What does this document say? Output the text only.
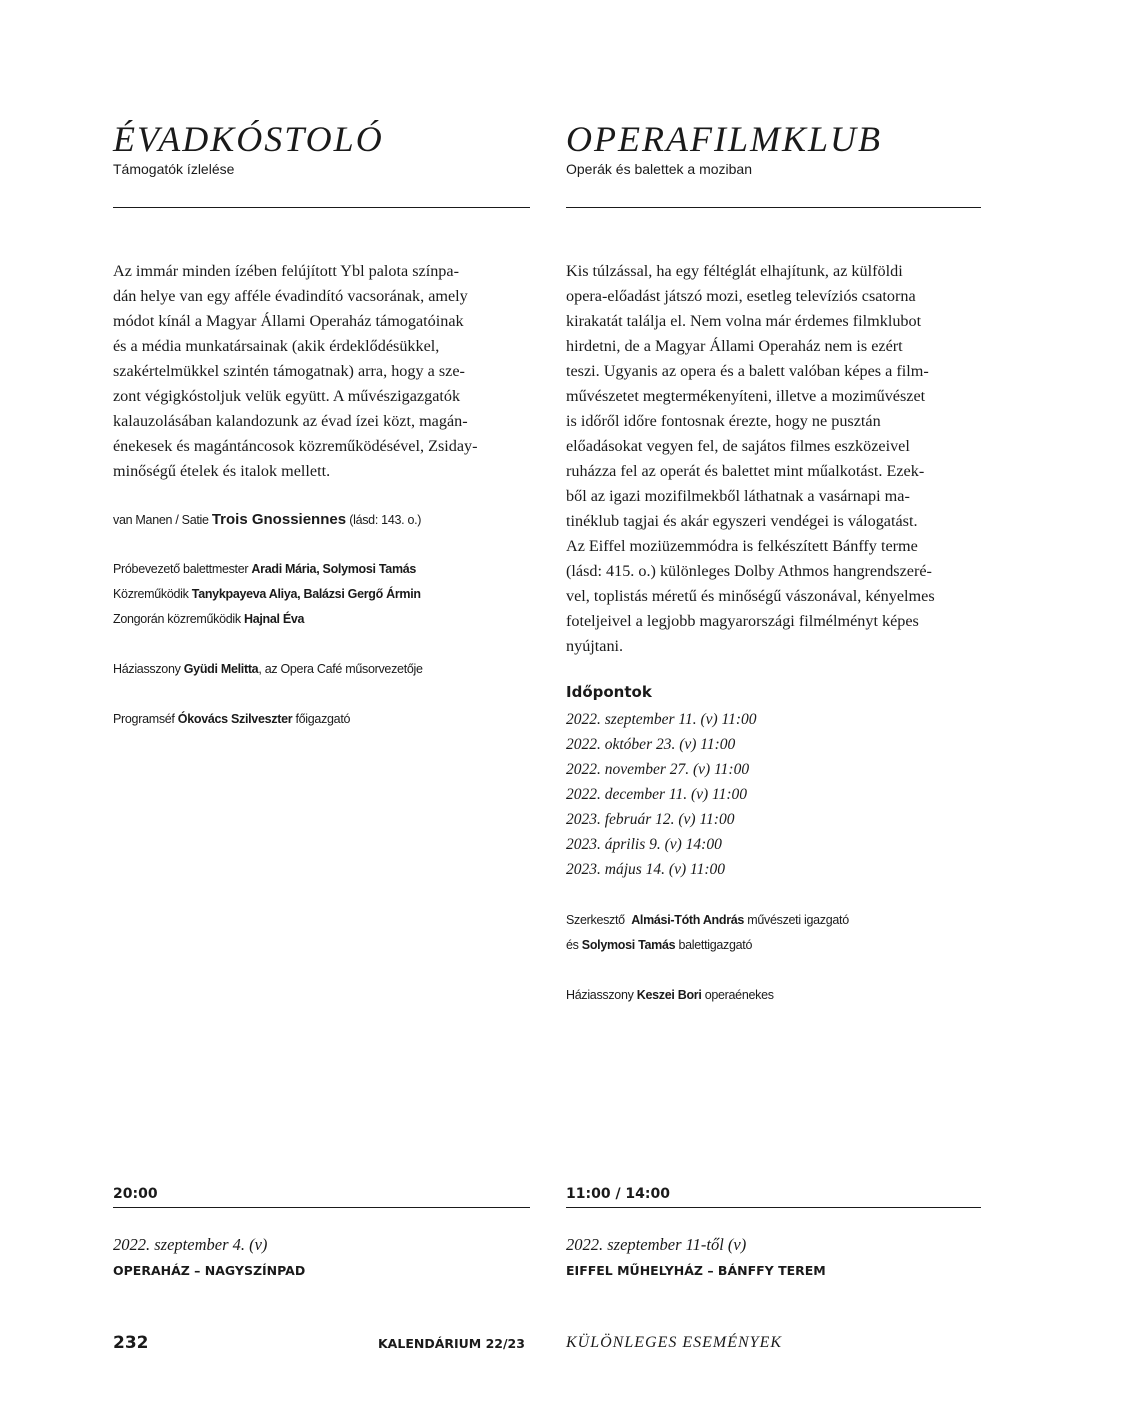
ÉVADKÓSTOLÓ
Támogatók ízlelése
Az immár minden ízében felújított Ybl palota színpa-
dán helye van egy afféle évadindító vacsorának, amely
módot kínál a Magyar Állami Operaház támogatóinak
és a média munkatársainak (akik érdeklődésükkel,
szakértelmükkel szintén támogatnak) arra, hogy a sze-
zont végigkóstoljuk velük együtt. A művészigazgatók
kalauzolásában kalandozunk az évad ízei közt, magán-
énekesek és magántáncosok közreműködésével, Zsiday-
minőségű ételek és italok mellett.
van Manen / Satie Trois Gnossiennes (lásd: 143. o.)
Próbevezető balettmester Aradi Mária, Solymosi Tamás
Közreműködik Tanykpayeva Aliya, Balázsi Gergő Ármin
Zongorán közreműködik Hajnal Éva
Háziasszony Gyüdi Melitta, az Opera Café műsorvezetője
Programséf Ókovács Szilveszter főigazgató
20:00
2022. szeptember 4. (v)
OPERAHÁZ – NAGYSZÍNPAD
OPERAFILMKLUB
Operák és balettek a moziban
Kis túlzással, ha egy féltéglát elhajítunk, az külföldi
opera-előadást játszó mozi, esetleg televíziós csatorna
kirakatát találja el. Nem volna már érdemes filmklubot
hirdetni, de a Magyar Állami Operaház nem is ezért
teszi. Ugyanis az opera és a balett valóban képes a film-
művészetet megtermékenyíteni, illetve a moziművészet
is időről időre fontosnak érezte, hogy ne pusztán
előadásokat vegyen fel, de sajátos filmes eszközeivel
ruházza fel az operát és balettet mint műalkotást. Ezek-
ből az igazi mozifilmekből láthatnak a vasárnapi ma-
tinéklub tagjai és akár egyszeri vendégei is válogatást.
Az Eiffel moziüzemmódra is felkészített Bánffy terme
(lásd: 415. o.) különleges Dolby Athmos hangrendszeré-
vel, toplistás méretű és minőségű vászonával, kényelmes
foteljeivel a legjobb magyarországi filmélményt képes
nyújtani.
Időpontok
2022. szeptember 11. (v) 11:00
2022. október 23. (v) 11:00
2022. november 27. (v) 11:00
2022. december 11. (v) 11:00
2023. február 12. (v) 11:00
2023. április 9. (v) 14:00
2023. május 14. (v) 11:00
Szerkesztő  Almási-Tóth András művészeti igazgató
és Solymosi Tamás balettigazgató
Háziasszony Keszei Bori operaénekes
11:00 / 14:00
2022. szeptember 11-től (v)
EIFFEL MŰHELYHÁZ – BÁNFFY TEREM
232	KALENDÁRIUM 22/23	KÜLÖNLEGES ESEMÉNYEK
